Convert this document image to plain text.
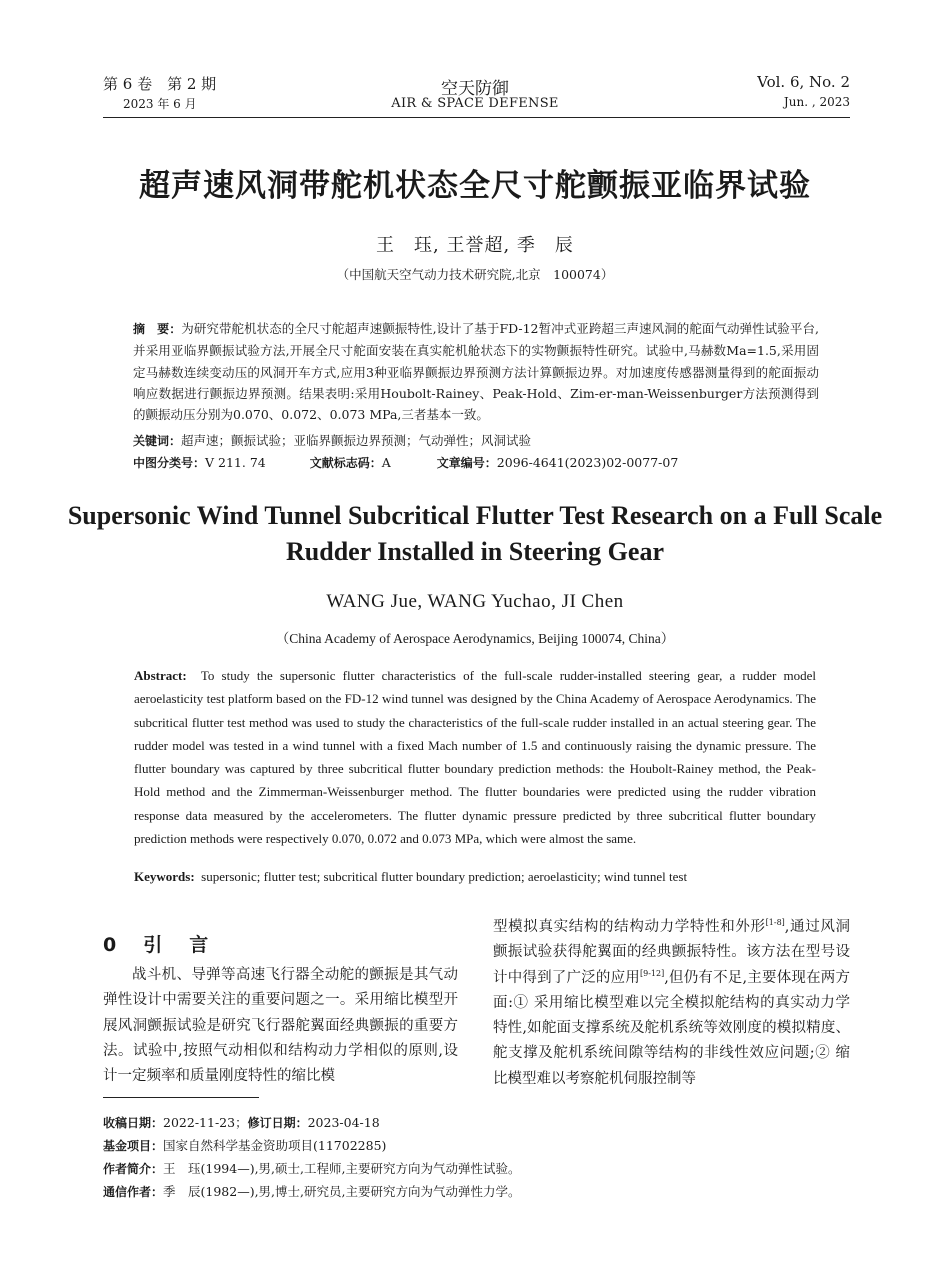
第 6 卷　第 2 期
2023 年 6 月
空天防御
AIR & SPACE DEFENSE
Vol. 6, No. 2
Jun. , 2023
超声速风洞带舵机状态全尺寸舵颤振亚临界试验
王　珏, 王誉超, 季　辰
（中国航天空气动力技术研究院,北京　100074）
摘　要：为研究带舵机状态的全尺寸舵超声速颤振特性,设计了基于FD-12暂冲式亚跨超三声速风洞的舵面气动弹性试验平台,并采用亚临界颤振试验方法,开展全尺寸舵面安装在真实舵机舱状态下的实物颤振特性研究。试验中,马赫数Ma=1.5,采用固定马赫数连续变动压的风洞开车方式,应用3种亚临界颤振边界预测方法计算颤振边界。对加速度传感器测量得到的舵面振动响应数据进行颤振边界预测。结果表明:采用Houbolt-Rainey、Peak-Hold、Zim-er-man-Weissenburger方法预测得到的颤振动压分别为0.070、0.072、0.073 MPa,三者基本一致。
关键词：超声速；颤振试验；亚临界颤振边界预测；气动弹性；风洞试验
中图分类号：V 211. 74	文献标志码：A	文章编号：2096-4641(2023)02-0077-07
Supersonic Wind Tunnel Subcritical Flutter Test Research on a Full Scale Rudder Installed in Steering Gear
WANG Jue, WANG Yuchao, JI Chen
（China Academy of Aerospace Aerodynamics, Beijing 100074, China）
Abstract: To study the supersonic flutter characteristics of the full-scale rudder-installed steering gear, a rudder model aeroelasticity test platform based on the FD-12 wind tunnel was designed by the China Academy of Aerospace Aerodynamics. The subcritical flutter test method was used to study the characteristics of the full-scale rudder installed in an actual steering gear. The rudder model was tested in a wind tunnel with a fixed Mach number of 1.5 and continuously raising the dynamic pressure. The flutter boundary was captured by three subcritical flutter boundary prediction methods: the Houbolt-Rainey method, the Peak-Hold method and the Zimmerman-Weissenburger method. The flutter boundaries were predicted using the rudder vibration response data measured by the accelerometers. The flutter dynamic pressure predicted by three subcritical flutter boundary prediction methods were respectively 0.070, 0.072 and 0.073 MPa, which were almost the same.
Keywords: supersonic; flutter test; subcritical flutter boundary prediction; aeroelasticity; wind tunnel test
0　引　言
战斗机、导弹等高速飞行器全动舵的颤振是其气动弹性设计中需要关注的重要问题之一。采用缩比模型开展风洞颤振试验是研究飞行器舵翼面经典颤振的重要方法。试验中,按照气动相似和结构动力学相似的原则,设计一定频率和质量刚度特性的缩比模
型模拟真实结构的结构动力学特性和外形[1-8],通过风洞颤振试验获得舵翼面的经典颤振特性。该方法在型号设计中得到了广泛的应用[9-12],但仍有不足,主要体现在两方面:① 采用缩比模型难以完全模拟舵结构的真实动力学特性,如舵面支撑系统及舵机系统等效刚度的模拟精度、舵支撑及舵机系统间隙等结构的非线性效应问题;② 缩比模型难以考察舵机伺服控制等
收稿日期：2022-11-23；修订日期：2023-04-18
基金项目：国家自然科学基金资助项目(11702285)
作者简介：王　珏(1994—),男,硕士,工程师,主要研究方向为气动弹性试验。
通信作者：季　辰(1982—),男,博士,研究员,主要研究方向为气动弹性力学。
